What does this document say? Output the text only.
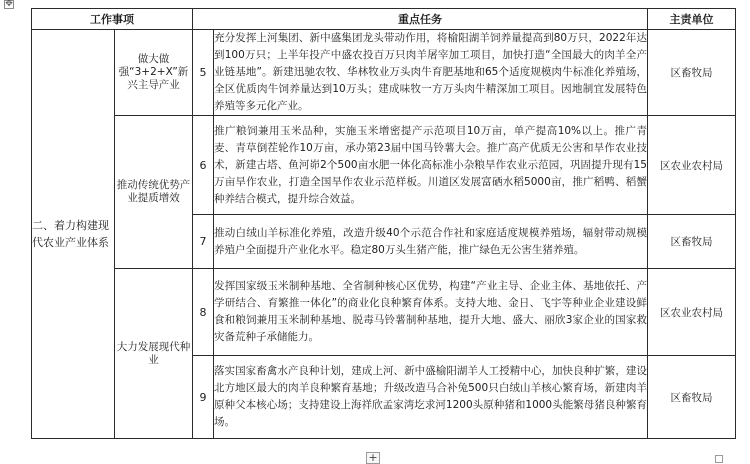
✥
工作事项		重点任务		主责单位
二、着力构建现代农业产业体系	做大做强“3+2+X”新兴主导产业	5	充分发挥上河集团、新中盛集团龙头带动作用，将榆阳湖羊饲养量提高到80万只，2022年达到100万只；上半年投产中盛农投百万只肉羊屠宰加工项目，加快打造“全国最大的肉羊全产业链基地”。新建迅驰农牧、华林牧业万头肉牛育肥基地和65个适度规模肉牛标准化养殖场，全区优质肉牛饲养量达到10万头；建成味牧一方万头肉牛精深加工项目。因地制宜发展特色养殖等多元化产业。	区畜牧局
	推动传统优势产业提质增效	6	推广粮饲兼用玉米品种，实施玉米增密提产示范项目10万亩，单产提高10%以上。推广青麦、青草倒茬轮作10万亩，承办第23届中国马铃薯大会。推广高产优质无公害和旱作农业技术，新建古塔、鱼河峁2个500亩水肥一体化高标准小杂粮旱作农业示范园，巩固提升现有15万亩旱作农业，打造全国旱作农业示范样板。川道区发展富硒水稻5000亩，推广稻鸭、稻蟹种养结合模式，提升综合效益。	区农业农村局
		7	推动白绒山羊标准化养殖，改造升级40个示范合作社和家庭适度规模养殖场，辐射带动规模养殖户全面提升产业化水平。稳定80万头生猪产能，推广绿色无公害生猪养殖。	区畜牧局
	大力发展现代种业	8	发挥国家级玉米制种基地、全省制种核心区优势，构建“产业主导、企业主体、基地依托、产学研结合、育繁推一体化”的商业化良种繁育体系。支持大地、金日、飞宇等种业企业建设鲜食和粮饲兼用玉米制种基地、脱毒马铃薯制种基地，提升大地、盛大、丽欣3家企业的国家救灾备荒种子承储能力。	区农业农村局
		9	落实国家畜禽水产良种计划，建成上河、新中盛榆阳湖羊人工授精中心，加快良种扩繁，建设北方地区最大的肉羊良种繁育基地；升级改造马合补兔500只白绒山羊核心繁育场，新建肉羊原种父本核心场；支持建设上海祥欣孟家湾圪求河1200头原种猪和1000头能繁母猪良种繁育场。	区畜牧局
+
